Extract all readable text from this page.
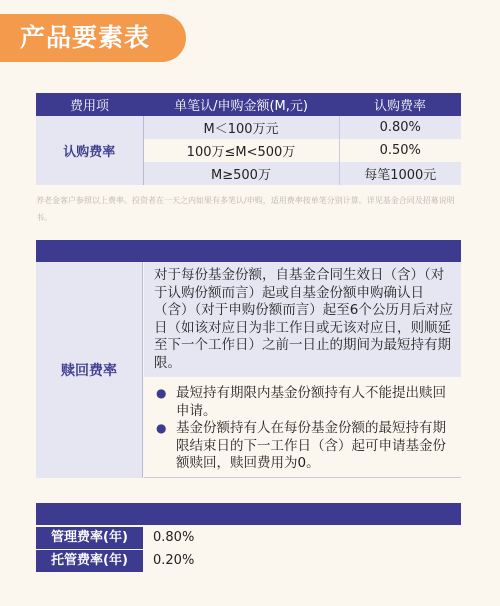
产品要素表
费用项	单笔认/申购金额(M,元)	认购费率
认购费率	M＜100万元	0.80%
	100万≤M<500万	0.50%
	M≥500万	每笔1000元
养老金客户参照以上费率。投资者在一天之内如果有多笔认/申购，适用费率按单笔分别计算。详见基金合同及招募说明书。
赎回费率
对于每份基金份额，自基金合同生效日（含）（对于认购份额而言）起或自基金份额申购确认日（含）（对于申购份额而言）起至6个公历月后对应日（如该对应日为非工作日或无该对应日，则顺延至下一个工作日）之前一日止的期间为最短持有期限。
● 最短持有期限内基金份额持有人不能提出赎回申请。
● 基金份额持有人在每份基金份额的最短持有期限结束日的下一工作日（含）起可申请基金份额赎回，赎回费用为0。
管理费率(年)	0.80%
托管费率(年)	0.20%
